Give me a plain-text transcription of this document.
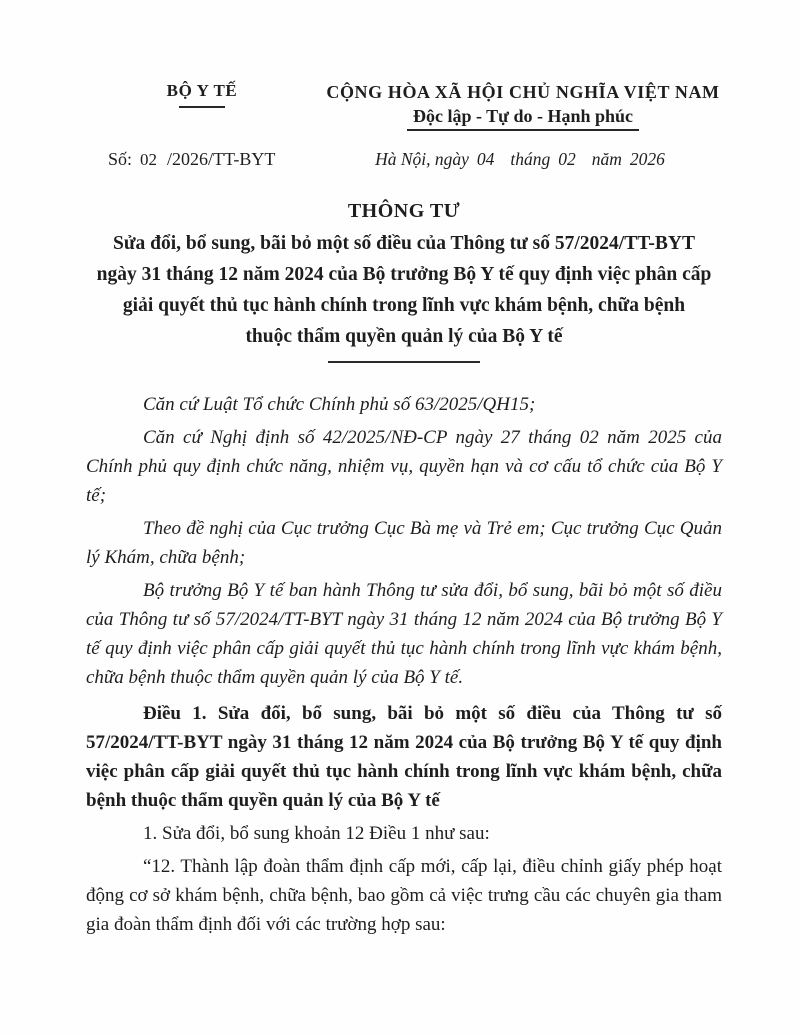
BỘ Y TẾ	CỘNG HÒA XÃ HỘI CHỦ NGHĨA VIỆT NAM
Độc lập - Tự do - Hạnh phúc
Số: 02 /2026/TT-BYT	Hà Nội, ngày 04 tháng 02 năm 2026
THÔNG TƯ
Sửa đổi, bổ sung, bãi bỏ một số điều của Thông tư số 57/2024/TT-BYT
ngày 31 tháng 12 năm 2024 của Bộ trưởng Bộ Y tế quy định việc phân cấp
giải quyết thủ tục hành chính trong lĩnh vực khám bệnh, chữa bệnh
thuộc thẩm quyền quản lý của Bộ Y tế

Căn cứ Luật Tổ chức Chính phủ số 63/2025/QH15;

Căn cứ Nghị định số 42/2025/NĐ-CP ngày 27 tháng 02 năm 2025 của Chính phủ quy định chức năng, nhiệm vụ, quyền hạn và cơ cấu tổ chức của Bộ Y tế;

Theo đề nghị của Cục trưởng Cục Bà mẹ và Trẻ em; Cục trưởng Cục Quản lý Khám, chữa bệnh;

Bộ trưởng Bộ Y tế ban hành Thông tư sửa đổi, bổ sung, bãi bỏ một số điều của Thông tư số 57/2024/TT-BYT ngày 31 tháng 12 năm 2024 của Bộ trưởng Bộ Y tế quy định việc phân cấp giải quyết thủ tục hành chính trong lĩnh vực khám bệnh, chữa bệnh thuộc thẩm quyền quản lý của Bộ Y tế.

Điều 1. Sửa đổi, bổ sung, bãi bỏ một số điều của Thông tư số 57/2024/TT-BYT ngày 31 tháng 12 năm 2024 của Bộ trưởng Bộ Y tế quy định việc phân cấp giải quyết thủ tục hành chính trong lĩnh vực khám bệnh, chữa bệnh thuộc thẩm quyền quản lý của Bộ Y tế

1. Sửa đổi, bổ sung khoản 12 Điều 1 như sau:

“12. Thành lập đoàn thẩm định cấp mới, cấp lại, điều chỉnh giấy phép hoạt động cơ sở khám bệnh, chữa bệnh, bao gồm cả việc trưng cầu các chuyên gia tham gia đoàn thẩm định đối với các trường hợp sau:
